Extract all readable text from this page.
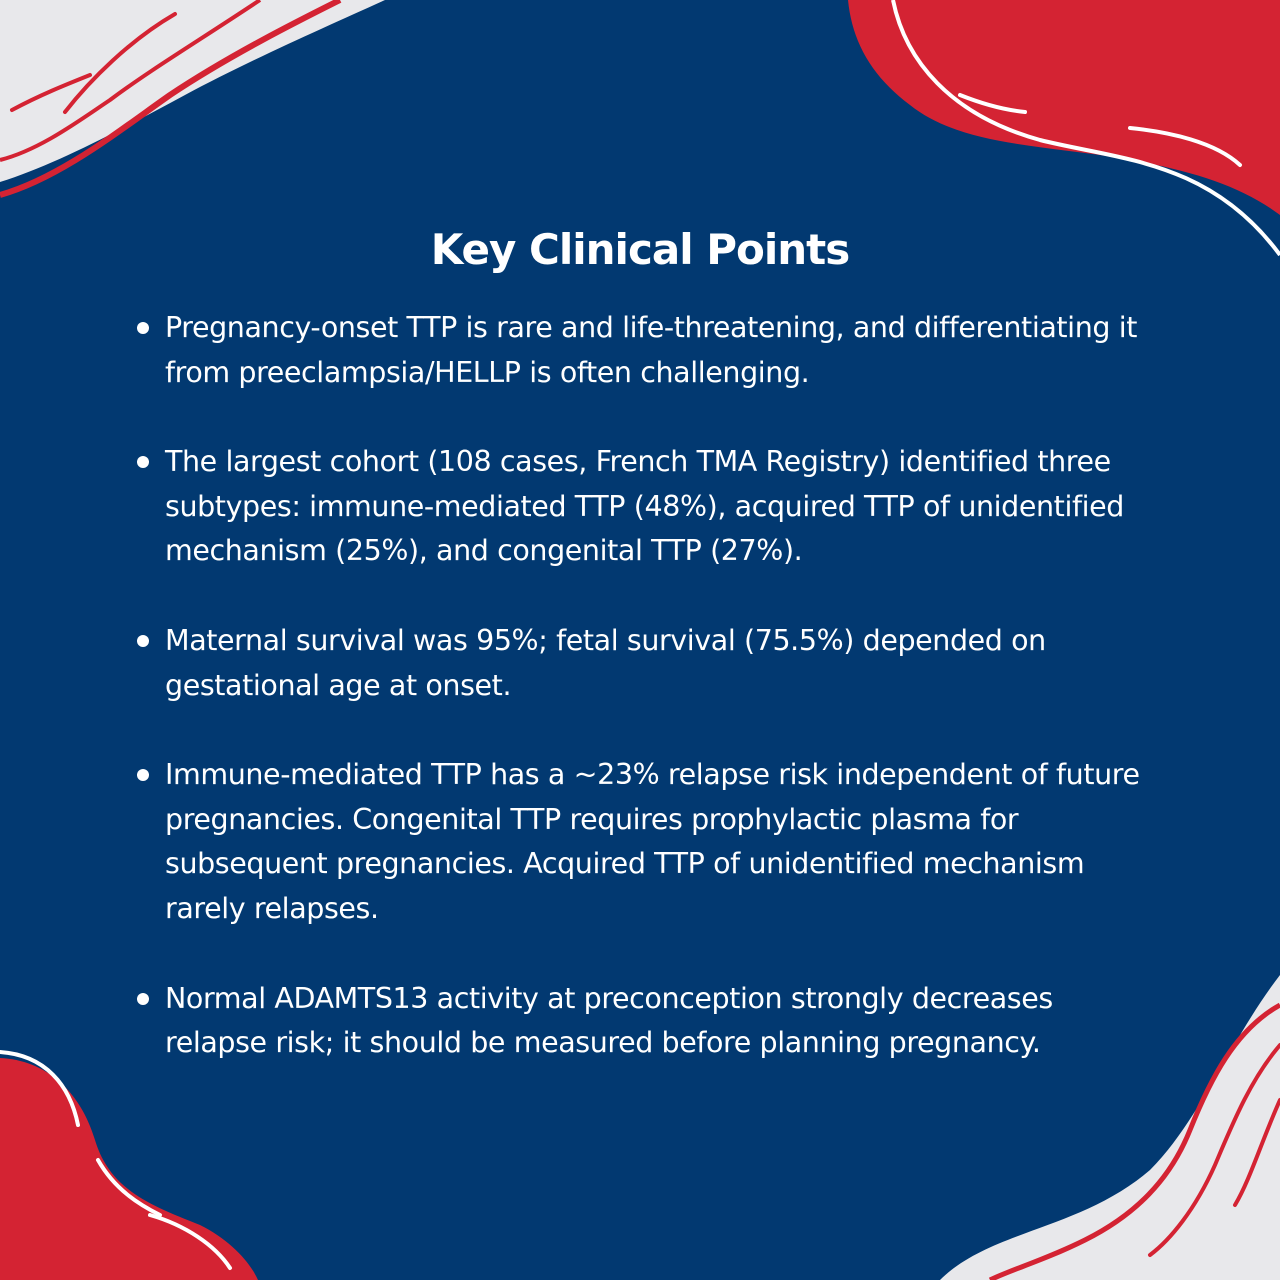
Key Clinical Points
Pregnancy-onset TTP is rare and life-threatening, and differentiating it from preeclampsia/HELLP is often challenging.
The largest cohort (108 cases, French TMA Registry) identified three subtypes: immune-mediated TTP (48%), acquired TTP of unidentified mechanism (25%), and congenital TTP (27%).
Maternal survival was 95%; fetal survival (75.5%) depended on gestational age at onset.
Immune-mediated TTP has a ~23% relapse risk independent of future pregnancies. Congenital TTP requires prophylactic plasma for subsequent pregnancies. Acquired TTP of unidentified mechanism rarely relapses.
Normal ADAMTS13 activity at preconception strongly decreases relapse risk; it should be measured before planning pregnancy.
